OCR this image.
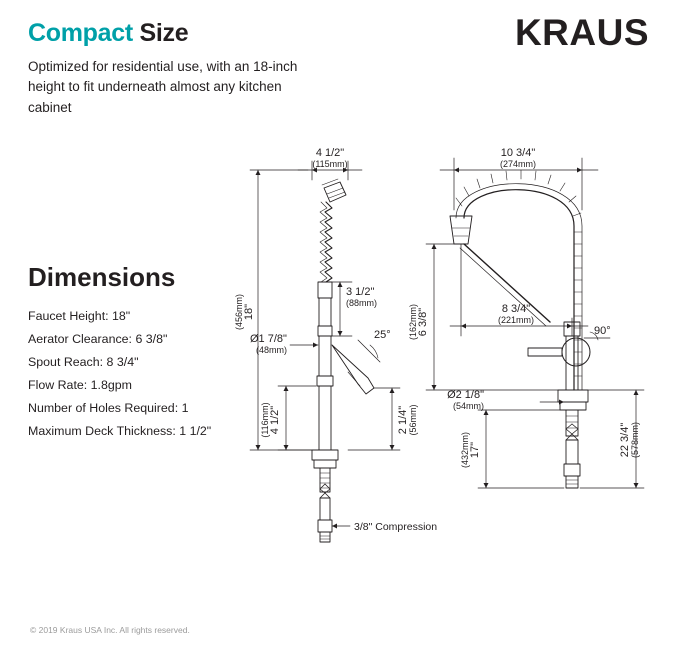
Compact Size

Optimized for residential use, with an 18-inch height to fit underneath almost any kitchen cabinet

KRAUS
Dimensions
Faucet Height: 18"
Aerator Clearance: 6 3/8"
Spout Reach: 8 3/4"
Flow Rate: 1.8gpm
Number of Holes Required: 1
Maximum Deck Thickness: 1 1/2"
4 1/2"
(115mm)
18"
(456mm)
3 1/2"
(88mm)
Ø1 7/8"
(48mm)
25°
4 1/2"
(116mm)	2 1/4" (56mm)
3/8" Compression
10 3/4"
(274mm)
8 3/4"
(221mm)
6 3/8"
(162mm)	90°
Ø2 1/8"
(54mm)
17"
(432mm)	22 3/4" (578mm)
© 2019 Kraus USA Inc. All rights reserved.
